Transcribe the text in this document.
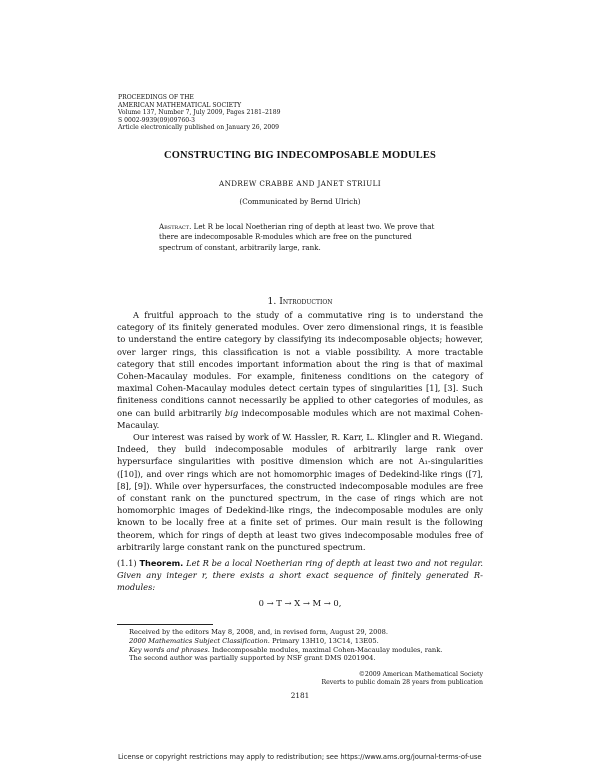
PROCEEDINGS OF THE
AMERICAN MATHEMATICAL SOCIETY
Volume 137, Number 7, July 2009, Pages 2181–2189
S 0002-9939(09)09760-3
Article electronically published on January 26, 2009
CONSTRUCTING BIG INDECOMPOSABLE MODULES
ANDREW CRABBE AND JANET STRIULI
(Communicated by Bernd Ulrich)
Abstract. Let R be local Noetherian ring of depth at least two. We prove that there are indecomposable R-modules which are free on the punctured spectrum of constant, arbitrarily large, rank.
1. Introduction

A fruitful approach to the study of a commutative ring is to understand the category of its finitely generated modules. Over zero dimensional rings, it is feasible to understand the entire category by classifying its indecomposable objects; however, over larger rings, this classification is not a viable possibility. A more tractable category that still encodes important information about the ring is that of maximal Cohen-Macaulay modules. For example, finiteness conditions on the category of maximal Cohen-Macaulay modules detect certain types of singularities [1], [3]. Such finiteness conditions cannot necessarily be applied to other categories of modules, as one can build arbitrarily big indecomposable modules which are not maximal Cohen-Macaulay.

Our interest was raised by work of W. Hassler, R. Karr, L. Klingler and R. Wiegand. Indeed, they build indecomposable modules of arbitrarily large rank over hypersurface singularities with positive dimension which are not A₁-singularities ([10]), and over rings which are not homomorphic images of Dedekind-like rings ([7], [8], [9]). While over hypersurfaces, the constructed indecomposable modules are free of constant rank on the punctured spectrum, in the case of rings which are not homomorphic images of Dedekind-like rings, the indecomposable modules are only known to be locally free at a finite set of primes. Our main result is the following theorem, which for rings of depth at least two gives indecomposable modules free of arbitrarily large constant rank on the punctured spectrum.

(1.1) Theorem. Let R be a local Noetherian ring of depth at least two and not regular. Given any integer r, there exists a short exact sequence of finitely generated R-modules:
0 → T → X → M → 0,
Received by the editors May 8, 2008, and, in revised form, August 29, 2008.
2000 Mathematics Subject Classification. Primary 13H10, 13C14, 13E05.
Key words and phrases. Indecomposable modules, maximal Cohen-Macaulay modules, rank.
The second author was partially supported by NSF grant DMS 0201904.
©2009 American Mathematical Society
Reverts to public domain 28 years from publication
2181
License or copyright restrictions may apply to redistribution; see https://www.ams.org/journal-terms-of-use
